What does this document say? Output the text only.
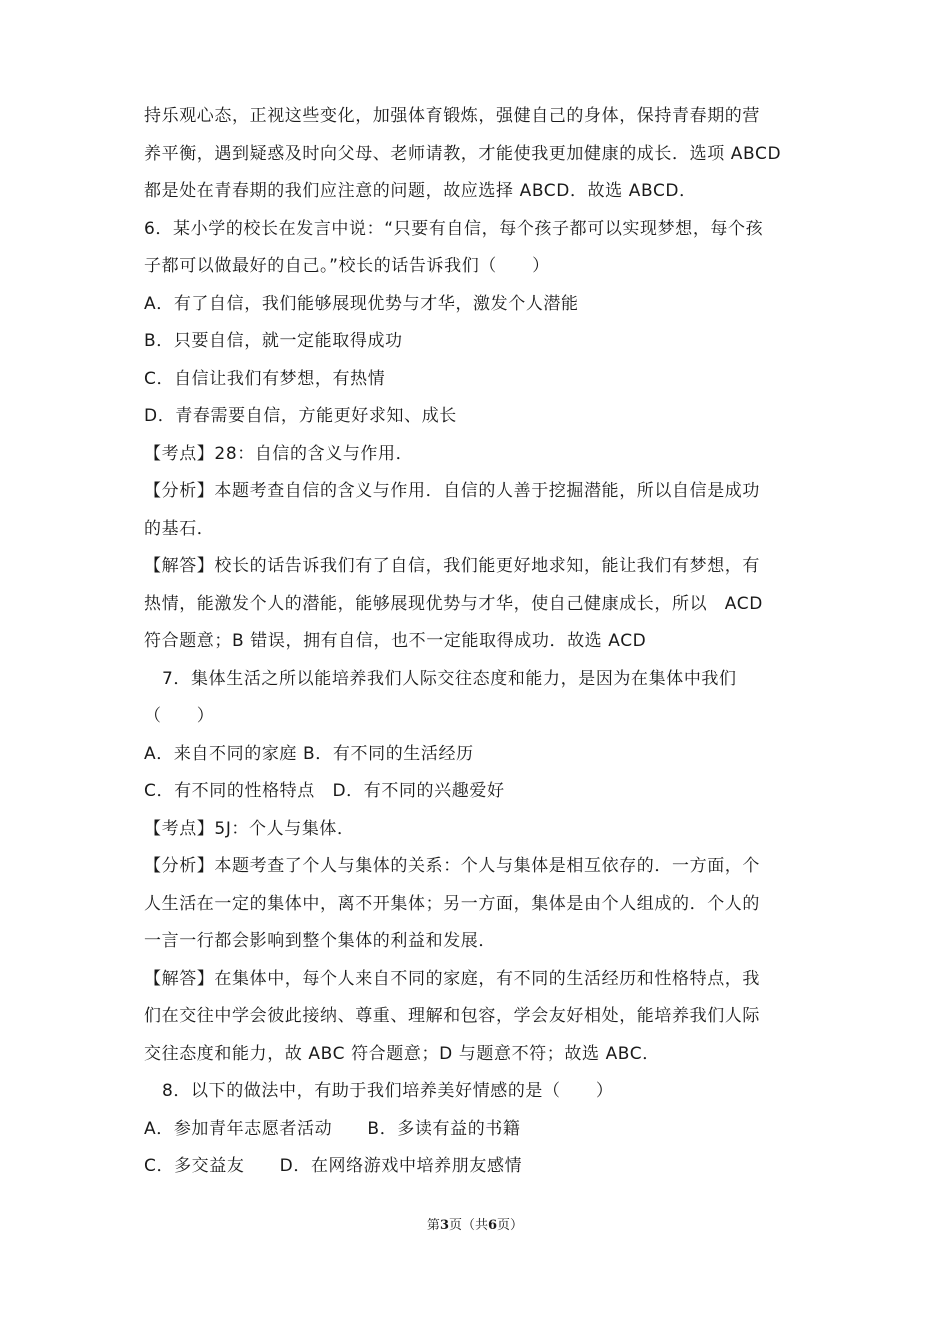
持乐观心态，正视这些变化，加强体育锻炼，强健自己的身体，保持青春期的营
养平衡，遇到疑惑及时向父母、老师请教，才能使我更加健康的成长．选项 ABCD
都是处在青春期的我们应注意的问题，故应选择 ABCD．故选 ABCD．
6．某小学的校长在发言中说：“只要有自信，每个孩子都可以实现梦想，每个孩
子都可以做最好的自己。”校长的话告诉我们（　　）
A．有了自信，我们能够展现优势与才华，激发个人潜能
B．只要自信，就一定能取得成功
C．自信让我们有梦想，有热情
D．青春需要自信，方能更好求知、成长
【考点】28：自信的含义与作用．
【分析】本题考查自信的含义与作用．自信的人善于挖掘潜能，所以自信是成功
的基石．
【解答】校长的话告诉我们有了自信，我们能更好地求知，能让我们有梦想，有
热情，能激发个人的潜能，能够展现优势与才华，使自己健康成长，所以　ACD
符合题意；B 错误，拥有自信，也不一定能取得成功．故选 ACD
7．集体生活之所以能培养我们人际交往态度和能力，是因为在集体中我们
（　　）
A．来自不同的家庭 B．有不同的生活经历
C．有不同的性格特点　D．有不同的兴趣爱好
【考点】5J：个人与集体．
【分析】本题考查了个人与集体的关系：个人与集体是相互依存的．一方面，个
人生活在一定的集体中，离不开集体；另一方面，集体是由个人组成的．个人的
一言一行都会影响到整个集体的利益和发展．
【解答】在集体中，每个人来自不同的家庭，有不同的生活经历和性格特点，我
们在交往中学会彼此接纳、尊重、理解和包容，学会友好相处，能培养我们人际
交往态度和能力，故 ABC 符合题意；D 与题意不符；故选 ABC．
8．以下的做法中，有助于我们培养美好情感的是（　　）
A．参加青年志愿者活动　　B．多读有益的书籍
C．多交益友　　D．在网络游戏中培养朋友感情
第3页（共6页）
